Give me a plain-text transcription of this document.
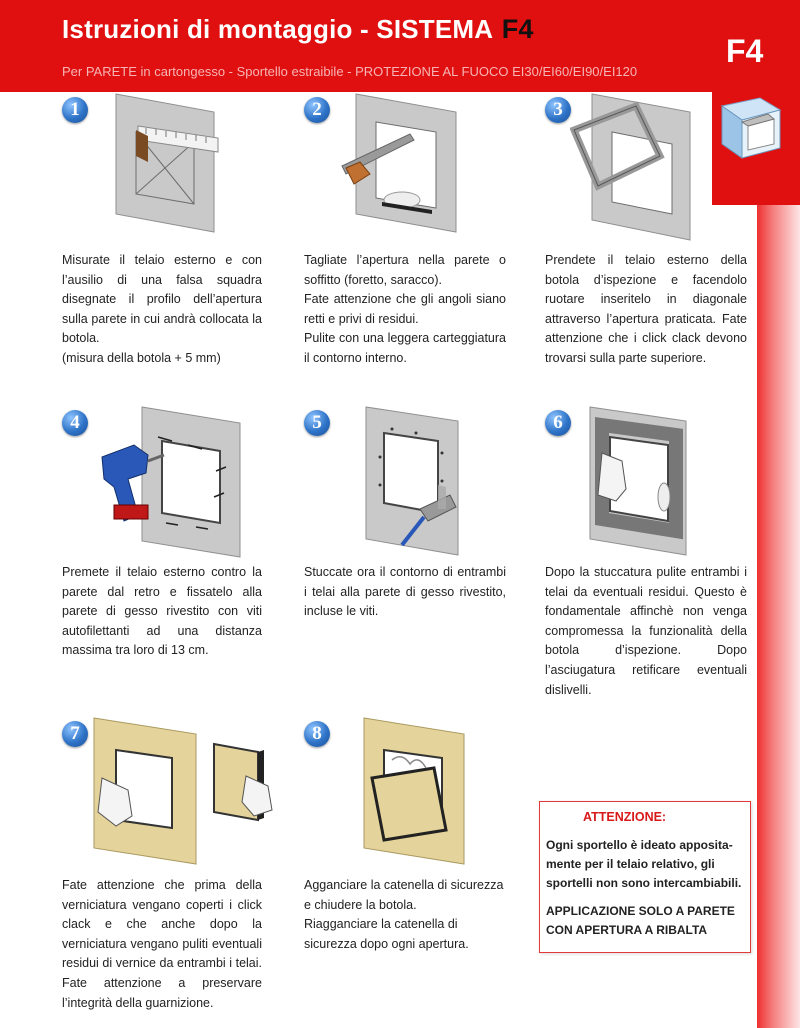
Istruzioni di montaggio - SISTEMA F4
Per PARETE in cartongesso - Sportello estraibile - PROTEZIONE AL FUOCO EI30/EI60/EI90/EI120
F4
1	2	3
4	5	6
7	8

Misurate il telaio esterno e con l’ausilio di una falsa squadra disegnate il profilo dell’apertura sulla parete in cui andrà collocata la botola.

(misura della botola + 5 mm)

Tagliate l’apertura nella parete o soffitto (foretto, saracco).

Fate attenzione che gli angoli siano retti e privi di residui.

Pulite con una leggera carteggiatura il contorno interno.

Prendete il telaio esterno della botola d’ispezione e facendolo ruotare inseritelo in diagonale attraverso l’apertura praticata. Fate attenzione che i click clack devono trovarsi sulla parte superiore.

Premete il telaio esterno contro la parete dal retro e fissatelo alla parete di gesso rivestito con viti autofilettanti ad una distanza massima tra loro di 13 cm.

Stuccate ora il contorno di entrambi i telai alla parete di gesso rivestito, incluse le viti.

Dopo la stuccatura pulite entrambi i telai da eventuali residui. Questo è fondamentale affinchè non venga compromessa la funzionalità della botola d’ispezione. Dopo l’asciugatura retificare eventuali dislivelli.

Fate attenzione che prima della verniciatura vengano coperti i click clack e che anche dopo la verniciatura vengano puliti eventuali residui di vernice da entrambi i telai. Fate attenzione a preservare l’integrità della guarnizione.

Agganciare la catenella di sicurezza e chiudere la botola.

Riagganciare la catenella di sicurezza dopo ogni apertura.

ATTENZIONE:
Ogni sportello è ideato apposita-mente per il telaio relativo, gli sportelli non sono intercambiabili.
APPLICAZIONE SOLO A PARETE CON APERTURA A RIBALTA
